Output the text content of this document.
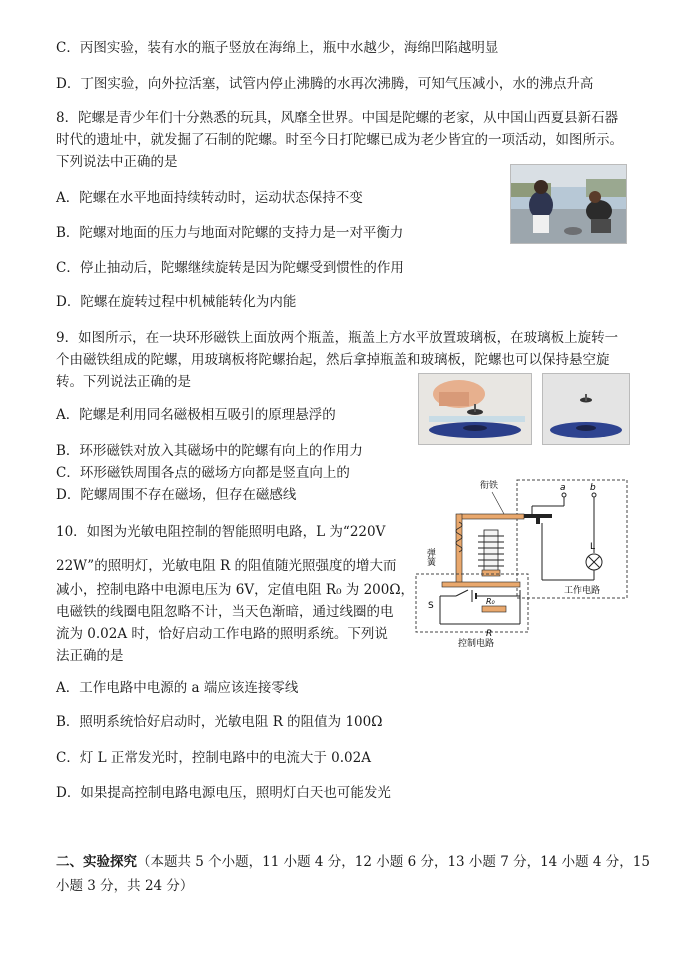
C．丙图实验，装有水的瓶子竖放在海绵上，瓶中水越少，海绵凹陷越明显
D．丁图实验，向外拉活塞，试管内停止沸腾的水再次沸腾，可知气压减小，水的沸点升高
8．陀螺是青少年们十分熟悉的玩具，风靡全世界。中国是陀螺的老家，从中国山西夏县新石器
时代的遗址中，就发掘了石制的陀螺。时至今日打陀螺已成为老少皆宜的一项活动，如图所示。
下列说法中正确的是
A．陀螺在水平地面持续转动时，运动状态保持不变
B．陀螺对地面的压力与地面对陀螺的支持力是一对平衡力
C．停止抽动后，陀螺继续旋转是因为陀螺受到惯性的作用
D．陀螺在旋转过程中机械能转化为内能
9．如图所示，在一块环形磁铁上面放两个瓶盖，瓶盖上方水平放置玻璃板，在玻璃板上旋转一
个由磁铁组成的陀螺，用玻璃板将陀螺抬起，然后拿掉瓶盖和玻璃板，陀螺也可以保持悬空旋
转。下列说法正确的是
A．陀螺是利用同名磁极相互吸引的原理悬浮的
B．环形磁铁对放入其磁场中的陀螺有向上的作用力
C．环形磁铁周围各点的磁场方向都是竖直向上的
D．陀螺周围不存在磁场，但存在磁感线
10．如图为光敏电阻控制的智能照明电路，L 为“220V
22W”的照明灯，光敏电阻 R 的阻值随光照强度的增大而
减小，控制电路中电源电压为 6V，定值电阻 R₀ 为 200Ω，
电磁铁的线圈电阻忽略不计，当天色渐暗，通过线圈的电
流为 0.02A 时，恰好启动工作电路的照明系统。下列说
法正确的是
A．工作电路中电源的 a 端应该连接零线
B．照明系统恰好启动时，光敏电阻 R 的阻值为 100Ω
C．灯 L 正常发光时，控制电路中的电流大于 0.02A
D．如果提高控制电路电源电压，照明灯白天也可能发光
工作电路
a	b
L
衔铁
弹簧
控制电路
S	R₀
R
二、实验探究（本题共 5 个小题，11 小题 4 分，12 小题 6 分，13 小题 7 分，14 小题 4 分，15
小题 3 分，共 24 分）
